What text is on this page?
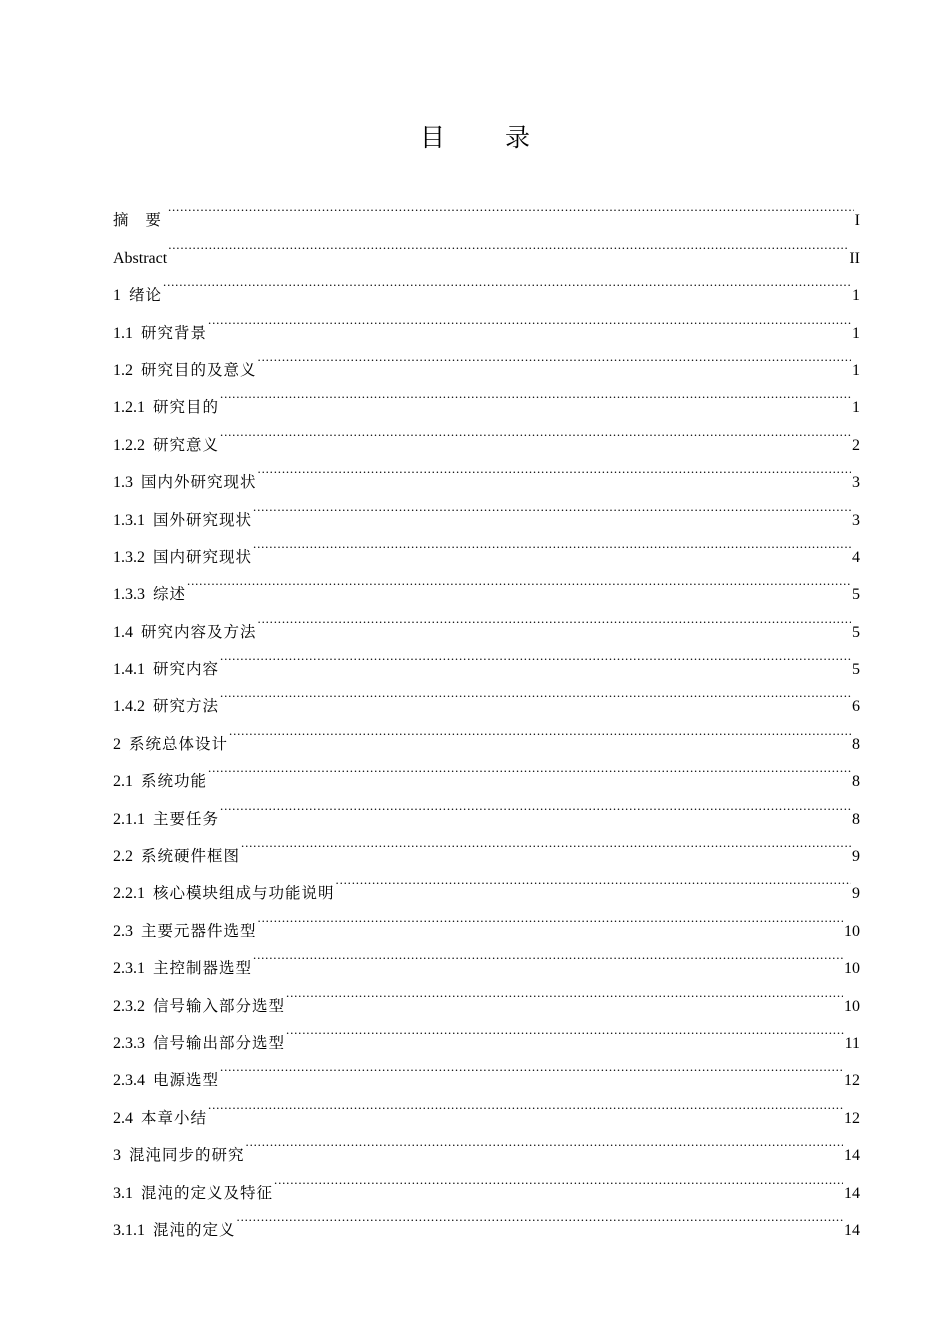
目 录
摘 要 .....	I
Abstract .....	II
1 绪论 .....	1
1.1 研究背景 .....	1
1.2 研究目的及意义 .....	1
1.2.1 研究目的 .....	1
1.2.2 研究意义 .....	2
1.3 国内外研究现状 .....	3
1.3.1 国外研究现状 .....	3
1.3.2 国内研究现状 .....	4
1.3.3 综述 .....	5
1.4 研究内容及方法 .....	5
1.4.1 研究内容 .....	5
1.4.2 研究方法 .....	6
2 系统总体设计 .....	8
2.1 系统功能 .....	8
2.1.1 主要任务 .....	8
2.2 系统硬件框图 .....	9
2.2.1 核心模块组成与功能说明 .....	9
2.3 主要元器件选型 .....	10
2.3.1 主控制器选型 .....	10
2.3.2 信号输入部分选型 .....	10
2.3.3 信号输出部分选型 .....	11
2.3.4 电源选型 .....	12
2.4 本章小结 .....	12
3 混沌同步的研究 .....	14
3.1 混沌的定义及特征 .....	14
3.1.1 混沌的定义 .....	14
